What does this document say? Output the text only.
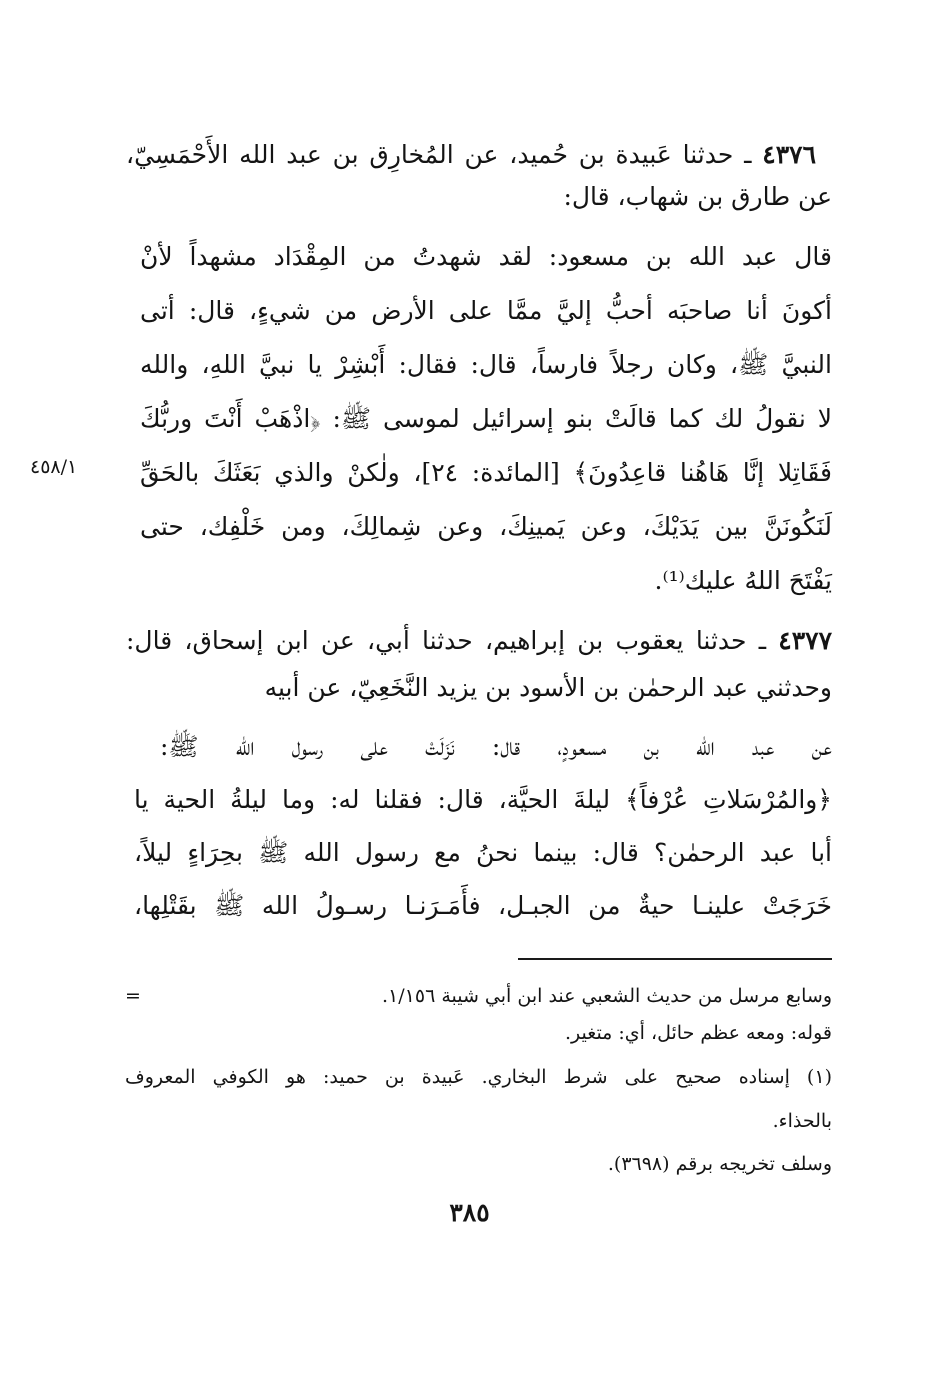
٤٣٧٦ ـ حدثنا عَبيدة بن حُميد، عن المُخارِق بن عبد الله الأَحْمَسِيّ،
عن طارق بن شهاب، قال:
قال عبد الله بن مسعود: لقد شهدتُ من المِقْدَاد مشهداً لأنْ
أكونَ أنا صاحبَه أحبُّ إليَّ ممَّا على الأرض من شيءٍ، قال: أتى
النبيَّ ﷺ، وكان رجلاً فارساً، قال: فقال: أَبْشِرْ يا نبيَّ اللهِ، والله
لا نقولُ لك كما قالَتْ بنو إسرائيل لموسى ﷺ: ﴿اذْهَبْ أَنْتَ وربُّكَ
فَقَاتِلا إنَّا هَاهُنا قاعِدُونَ﴾ [المائدة: ٢٤]، ولٰكنْ والذي بَعَثَكَ بالحَقِّ
لَنَكُونَنَّ بين يَدَيْكَ، وعن يَمينِكَ، وعن شِمالِكَ، ومن خَلْفِك، حتى
يَفْتَحَ اللهُ عليك⁽¹⁾.
٤٥٨/١
٤٣٧٧ ـ حدثنا يعقوب بن إبراهيم، حدثنا أبي، عن ابن إسحاق، قال:
وحدثني عبد الرحمٰن بن الأسود بن يزيد النَّخَعِيّ، عن أبيه
عن عبد الله بن مسعودٍ، قال: نَزَلَتْ على رسول الله ﷺ:
﴿والمُرْسَلاتِ عُرْفاً﴾ ليلةَ الحيَّة، قال: فقلنا له: وما ليلةُ الحية يا
أبا عبد الرحمٰن؟ قال: بينما نحنُ مع رسول الله ﷺ بحِرَاءٍ ليلاً،
خَرَجَتْ علينـا حيةٌ من الجبـل، فأَمَـرَنـا رسـولُ الله ﷺ بقَتْلِها،
وسابع مرسل من حديث الشعبي عند ابن أبي شيبة ١/١٥٦.
=
قوله: ومعه عظم حائل، أي: متغير.
(١) إسناده صحيح على شرط البخاري. عَبيدة بن حميد: هو الكوفي المعروف
بالحذاء.
وسلف تخريجه برقم (٣٦٩٨).
٣٨٥
